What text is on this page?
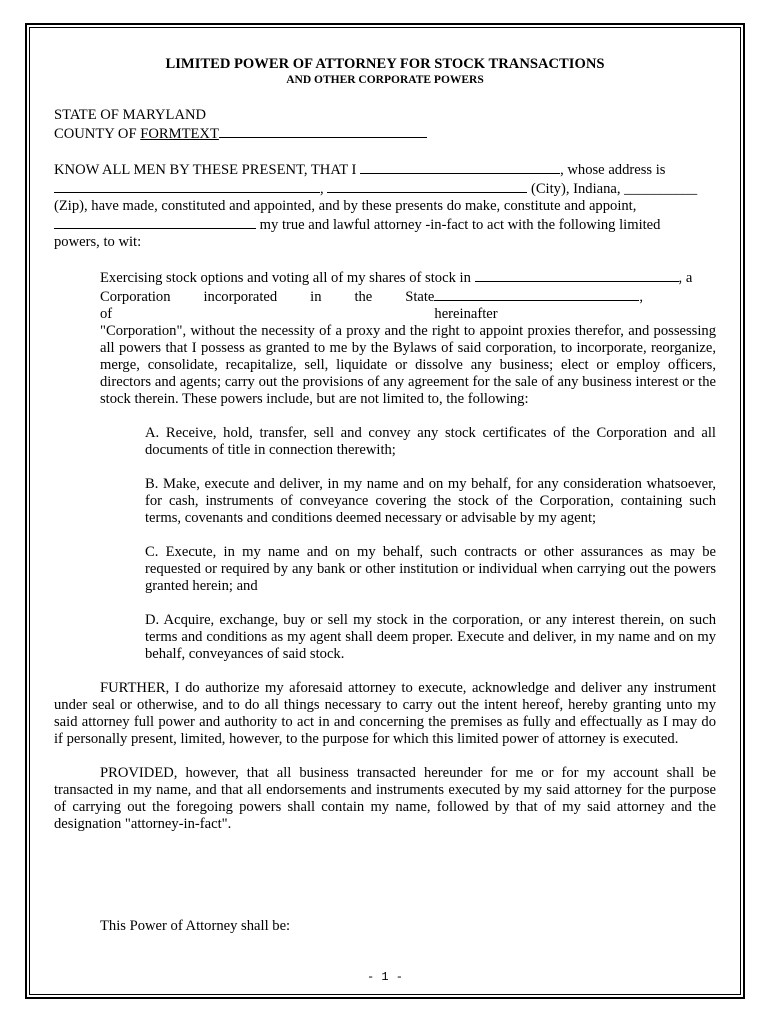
LIMITED POWER OF ATTORNEY FOR STOCK TRANSACTIONS
AND OTHER CORPORATE POWERS
STATE OF MARYLAND
COUNTY OF FORMTEXT
KNOW ALL MEN BY THESE PRESENT, THAT I	, whose address is
,	(City), Indiana, __________
(Zip), have made, constituted and appointed, and by these presents do make, constitute and appoint,
my true and lawful attorney -in-fact to act with the following limited
powers, to wit:
Exercising stock options and voting all of my shares of stock in	, a
Corporation incorporated in the State of
, hereinafter
"Corporation", without the necessity of a proxy and the right to appoint proxies therefor, and possessing all powers that I possess as granted to me by the Bylaws of said corporation, to incorporate, reorganize, merge, consolidate, recapitalize, sell, liquidate or dissolve any business; elect or employ officers, directors and agents; carry out the provisions of any agreement for the sale of any business interest or the stock therein. These powers include, but are not limited to, the following:
A. Receive, hold, transfer, sell and convey any stock certificates of the Corporation and all documents of title in connection therewith;
B. Make, execute and deliver, in my name and on my behalf, for any consideration whatsoever, for cash, instruments of conveyance covering the stock of the Corporation, containing such terms, covenants and conditions deemed necessary or advisable by my agent;
C. Execute, in my name and on my behalf, such contracts or other assurances as may be requested or required by any bank or other institution or individual when carrying out the powers granted herein; and
D. Acquire, exchange, buy or sell my stock in the corporation, or any interest therein, on such terms and conditions as my agent shall deem proper. Execute and deliver, in my name and on my behalf, conveyances of said stock.
FURTHER, I do authorize my aforesaid attorney to execute, acknowledge and deliver any instrument under seal or otherwise, and to do all things necessary to carry out the intent hereof, hereby granting unto my said attorney full power and authority to act in and concerning the premises as fully and effectually as I may do if personally present, limited, however, to the purpose for which this limited power of attorney is executed.
PROVIDED, however, that all business transacted hereunder for me or for my account shall be transacted in my name, and that all endorsements and instruments executed by my said attorney for the purpose of carrying out the foregoing powers shall contain my name, followed by that of my said attorney and the designation "attorney-in-fact".
This Power of Attorney shall be:
- 1 -
